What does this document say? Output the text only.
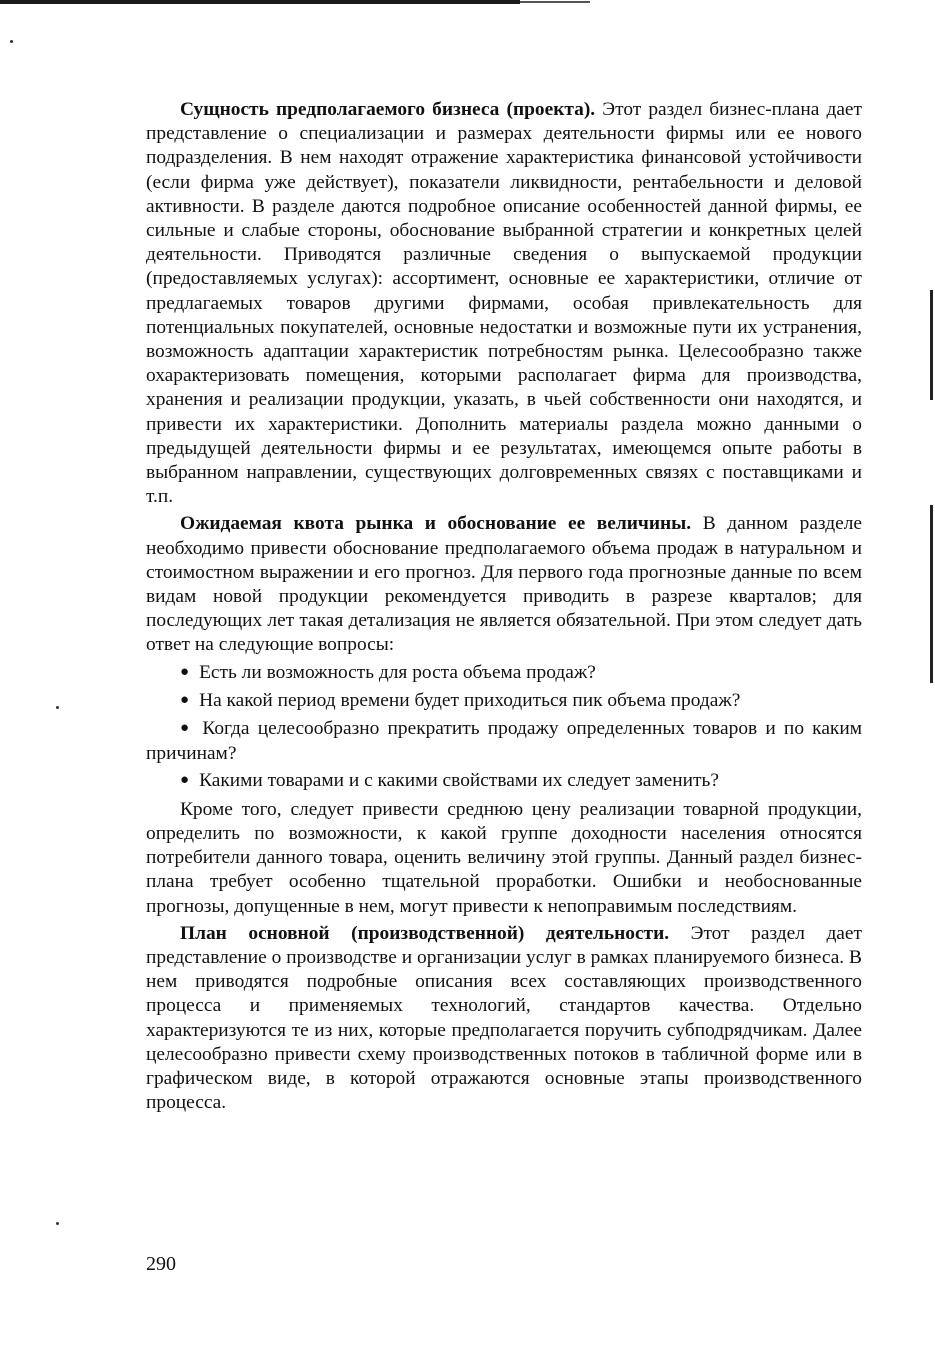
Сущность предполагаемого бизнеса (проекта). Этот раздел бизнес-плана дает представление о специализации и размерах деятельности фирмы или ее нового подразделения. В нем находят отражение характеристика финансовой устойчивости (если фирма уже действует), показатели ликвидности, рентабельности и деловой активности. В разделе даются подробное описание особенностей данной фирмы, ее сильные и слабые стороны, обоснование выбранной стратегии и конкретных целей деятельности. Приводятся различные сведения о выпускаемой продукции (предоставляемых услугах): ассортимент, основные ее характеристики, отличие от предлагаемых товаров другими фирмами, особая привлекательность для потенциальных покупателей, основные недостатки и возможные пути их устранения, возможность адаптации характеристик потребностям рынка. Целесообразно также охарактеризовать помещения, которыми располагает фирма для производства, хранения и реализации продукции, указать, в чьей собственности они находятся, и привести их характеристики. Дополнить материалы раздела можно данными о предыдущей деятельности фирмы и ее результатах, имеющемся опыте работы в выбранном направлении, существующих долговременных связях с поставщиками и т.п.

Ожидаемая квота рынка и обоснование ее величины. В данном разделе необходимо привести обоснование предполагаемого объема продаж в натуральном и стоимостном выражении и его прогноз. Для первого года прогнозные данные по всем видам новой продукции рекомендуется приводить в разрезе кварталов; для последующих лет такая детализация не является обязательной. При этом следует дать ответ на следующие вопросы:

● Есть ли возможность для роста объема продаж?
● На какой период времени будет приходиться пик объема продаж?
● Когда целесообразно прекратить продажу определенных товаров и по каким причинам?
● Какими товарами и с какими свойствами их следует заменить?

Кроме того, следует привести среднюю цену реализации товарной продукции, определить по возможности, к какой группе доходности населения относятся потребители данного товара, оценить величину этой группы. Данный раздел бизнес-плана требует особенно тщательной проработки. Ошибки и необоснованные прогнозы, допущенные в нем, могут привести к непоправимым последствиям.

План основной (производственной) деятельности. Этот раздел дает представление о производстве и организации услуг в рамках планируемого бизнеса. В нем приводятся подробные описания всех составляющих производственного процесса и применяемых технологий, стандартов качества. Отдельно характеризуются те из них, которые предполагается поручить субподрядчикам. Далее целесообразно привести схему производственных потоков в табличной форме или в графическом виде, в которой отражаются основные этапы производственного процесса.

290
